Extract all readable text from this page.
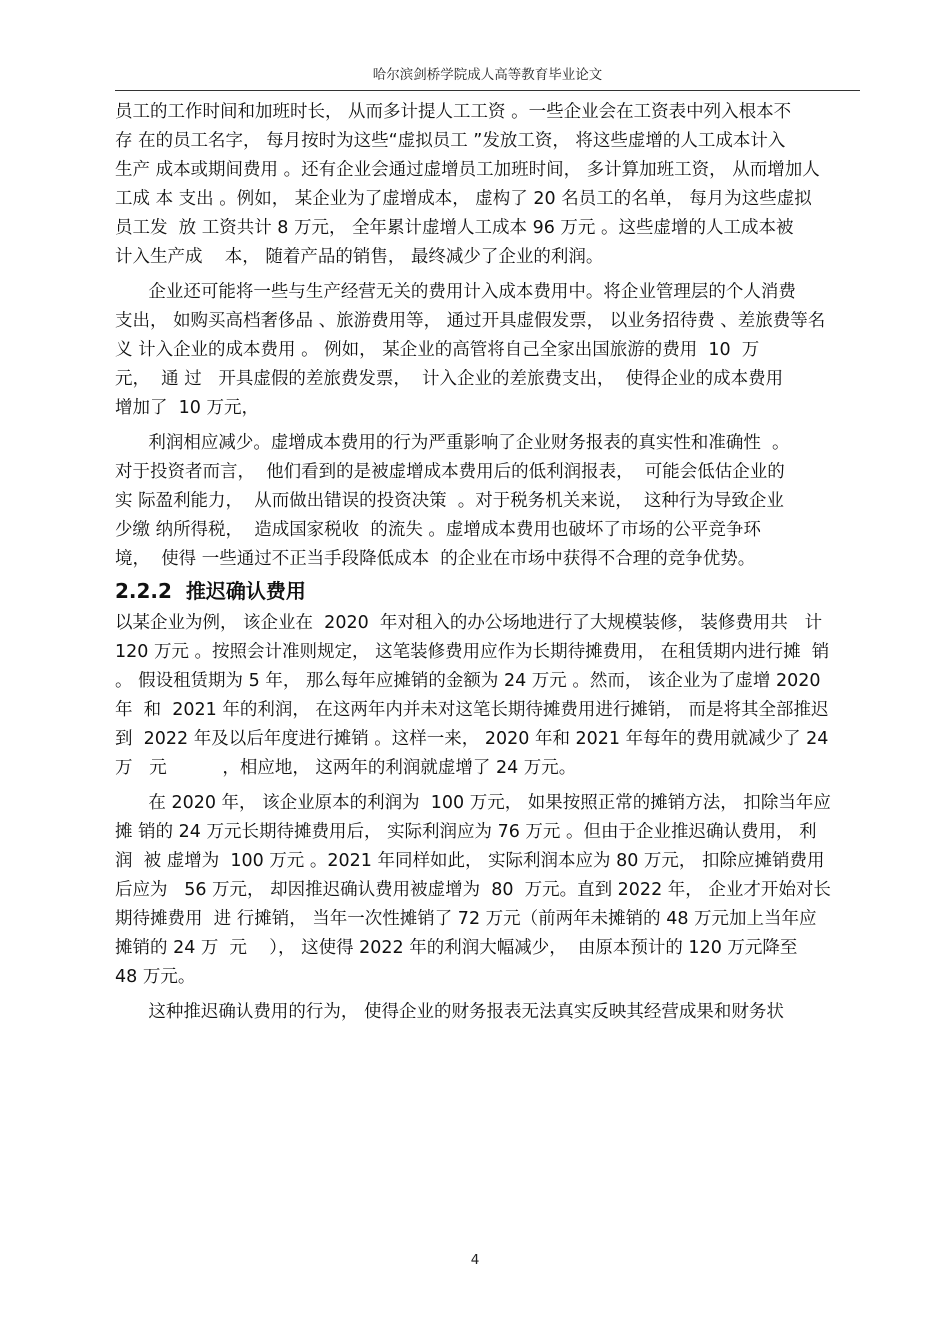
哈尔滨剑桥学院成人高等教育毕业论文
员工的工作时间和加班时长， 从而多计提人工工资 。一些企业会在工资表中列入根本不
存 在的员工名字， 每月按时为这些“虚拟员工 ”发放工资， 将这些虚增的人工成本计入
生产 成本或期间费用 。还有企业会通过虚增员工加班时间， 多计算加班工资， 从而增加人
工成 本 支出 。例如， 某企业为了虚增成本， 虚构了 20 名员工的名单， 每月为这些虚拟
员工发  放 工资共计 8 万元， 全年累计虚增人工成本 96 万元 。这些虚增的人工成本被
计入生产成    本， 随着产品的销售， 最终减少了企业的利润。
企业还可能将一些与生产经营无关的费用计入成本费用中。将企业管理层的个人消费
支出， 如购买高档奢侈品 、旅游费用等， 通过开具虚假发票， 以业务招待费 、差旅费等名
义 计入企业的成本费用 。 例如， 某企业的高管将自己全家出国旅游的费用  10  万
元，  通 过   开具虚假的差旅费发票，  计入企业的差旅费支出，  使得企业的成本费用
增加了  10 万元，
利润相应减少。虚增成本费用的行为严重影响了企业财务报表的真实性和准确性  。
对于投资者而言，  他们看到的是被虚增成本费用后的低利润报表，  可能会低估企业的
实 际盈利能力，  从而做出错误的投资决策  。对于税务机关来说，  这种行为导致企业
少缴 纳所得税，  造成国家税收  的流失 。虚增成本费用也破坏了市场的公平竞争环
境，  使得 一些通过不正当手段降低成本  的企业在市场中获得不合理的竞争优势。
2.2.2  推迟确认费用
以某企业为例， 该企业在  2020  年对租入的办公场地进行了大规模装修， 装修费用共   计
120 万元 。按照会计准则规定， 这笔装修费用应作为长期待摊费用， 在租赁期内进行摊  销
。 假设租赁期为 5 年， 那么每年应摊销的金额为 24 万元 。然而， 该企业为了虚增 2020
年  和  2021 年的利润， 在这两年内并未对这笔长期待摊费用进行摊销， 而是将其全部推迟
到  2022 年及以后年度进行摊销 。这样一来， 2020 年和 2021 年每年的费用就减少了 24
万   元          ，相应地， 这两年的利润就虚增了 24 万元。
在 2020 年， 该企业原本的利润为  100 万元， 如果按照正常的摊销方法， 扣除当年应
摊 销的 24 万元长期待摊费用后， 实际利润应为 76 万元 。但由于企业推迟确认费用， 利
润  被 虚增为  100 万元 。2021 年同样如此， 实际利润本应为 80 万元， 扣除应摊销费用
后应为   56 万元， 却因推迟确认费用被虚增为  80  万元。直到 2022 年， 企业才开始对长
期待摊费用  进 行摊销， 当年一次性摊销了 72 万元（前两年未摊销的 48 万元加上当年应
摊销的 24 万  元    ）， 这使得 2022 年的利润大幅减少，  由原本预计的 120 万元降至
48 万元。
这种推迟确认费用的行为， 使得企业的财务报表无法真实反映其经营成果和财务状
4
